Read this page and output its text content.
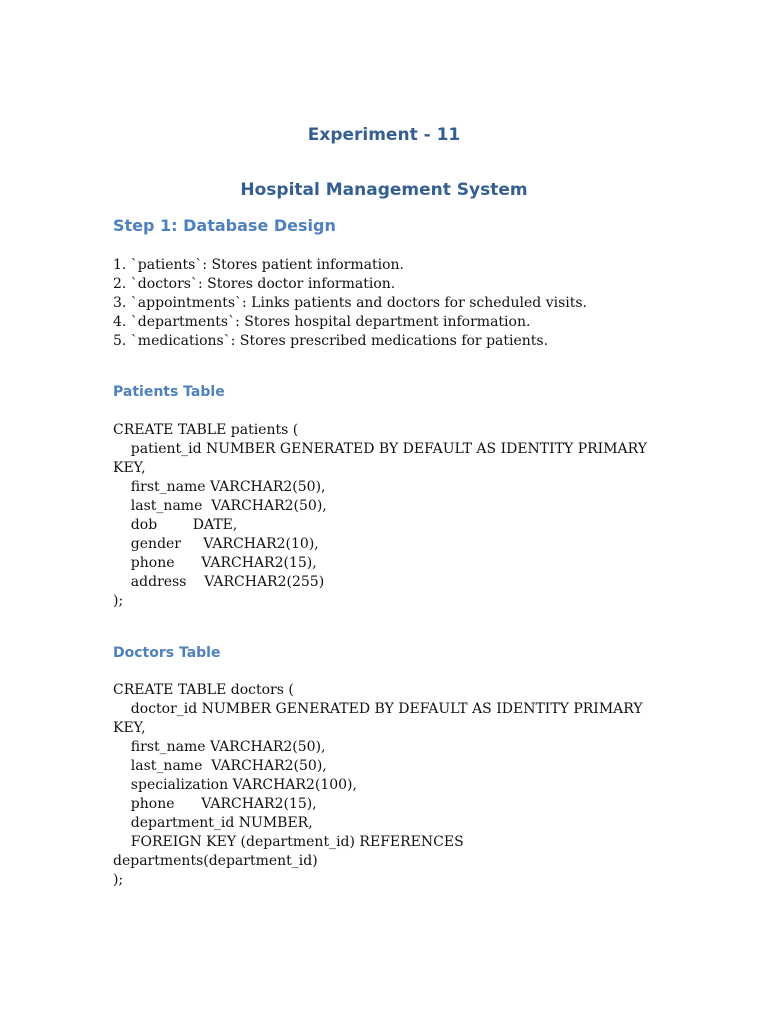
Experiment - 11
Hospital Management System
Step 1: Database Design
1. `patients`: Stores patient information.
2. `doctors`: Stores doctor information.
3. `appointments`: Links patients and doctors for scheduled visits.
4. `departments`: Stores hospital department information.
5. `medications`: Stores prescribed medications for patients.
Patients Table
CREATE TABLE patients (
patient_id NUMBER GENERATED BY DEFAULT AS IDENTITY PRIMARY
KEY,
first_name VARCHAR2(50),
last_name  VARCHAR2(50),
dob        DATE,
gender     VARCHAR2(10),
phone      VARCHAR2(15),
address    VARCHAR2(255)
);
Doctors Table
CREATE TABLE doctors (
doctor_id NUMBER GENERATED BY DEFAULT AS IDENTITY PRIMARY
KEY,
first_name VARCHAR2(50),
last_name  VARCHAR2(50),
specialization VARCHAR2(100),
phone      VARCHAR2(15),
department_id NUMBER,
FOREIGN KEY (department_id) REFERENCES
departments(department_id)
);
